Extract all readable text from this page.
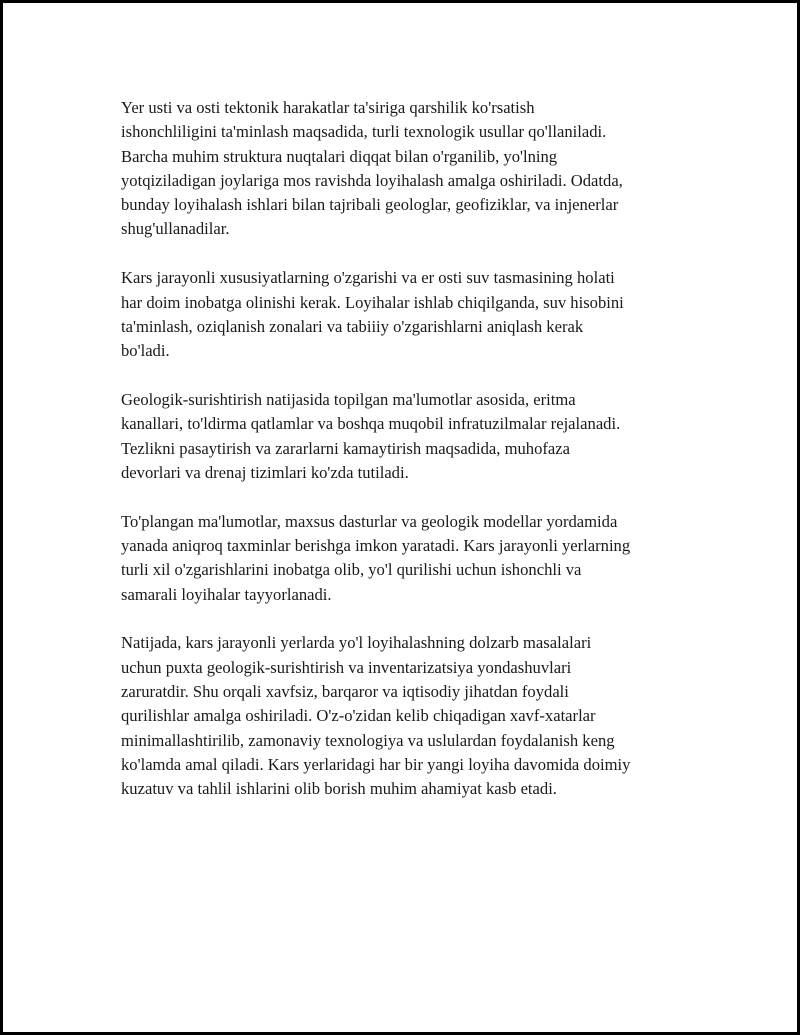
Yer usti va osti tektonik harakatlar ta'siriga qarshilik ko'rsatish
ishonchliligini ta'minlash maqsadida, turli texnologik usullar qo'llaniladi.
Barcha muhim struktura nuqtalari diqqat bilan o'rganilib, yo'lning
yotqiziladigan joylariga mos ravishda loyihalash amalga oshiriladi. Odatda,
bunday loyihalash ishlari bilan tajribali geologlar, geofiziklar, va injenerlar
shug'ullanadilar.

Kars jarayonli xususiyatlarning o'zgarishi va er osti suv tasmasining holati
har doim inobatga olinishi kerak. Loyihalar ishlab chiqilganda, suv hisobini
ta'minlash, oziqlanish zonalari va tabiiiy o'zgarishlarni aniqlash kerak
bo'ladi.

Geologik-surishtirish natijasida topilgan ma'lumotlar asosida, eritma
kanallari, to'ldirma qatlamlar va boshqa muqobil infratuzilmalar rejalanadi.
Tezlikni pasaytirish va zararlarni kamaytirish maqsadida, muhofaza
devorlari va drenaj tizimlari ko'zda tutiladi.

To'plangan ma'lumotlar, maxsus dasturlar va geologik modellar yordamida
yanada aniqroq taxminlar berishga imkon yaratadi. Kars jarayonli yerlarning
turli xil o'zgarishlarini inobatga olib, yo'l qurilishi uchun ishonchli va
samarali loyihalar tayyorlanadi.

Natijada, kars jarayonli yerlarda yo'l loyihalashning dolzarb masalalari
uchun puxta geologik-surishtirish va inventarizatsiya yondashuvlari
zaruratdir. Shu orqali xavfsiz, barqaror va iqtisodiy jihatdan foydali
qurilishlar amalga oshiriladi. O'z-o'zidan kelib chiqadigan xavf-xatarlar
minimallashtirilib, zamonaviy texnologiya va uslulardan foydalanish keng
ko'lamda amal qiladi. Kars yerlaridagi har bir yangi loyiha davomida doimiy
kuzatuv va tahlil ishlarini olib borish muhim ahamiyat kasb etadi.
